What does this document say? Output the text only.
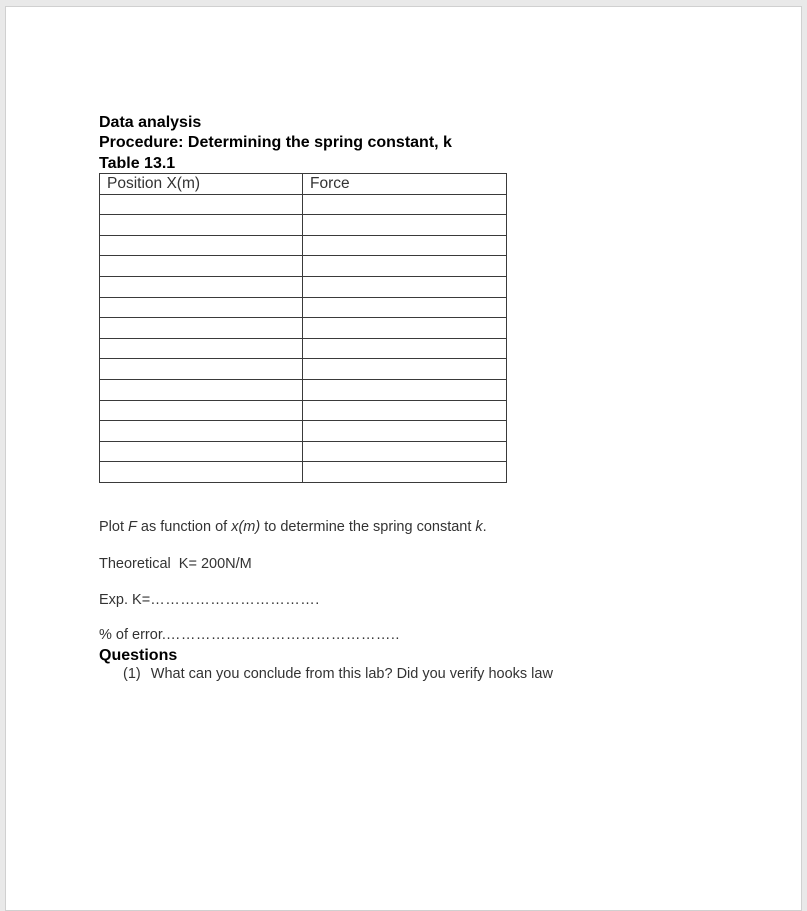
Data analysis
Procedure: Determining the spring constant, k
Table 13.1
Position X(m)	Force

Plot F as function of x(m) to determine the spring constant k.
Theoretical K= 200N/M
Exp. K=…………………………….
% of error.………………………………………..
Questions
(1) What can you conclude from this lab? Did you verify hooks law
